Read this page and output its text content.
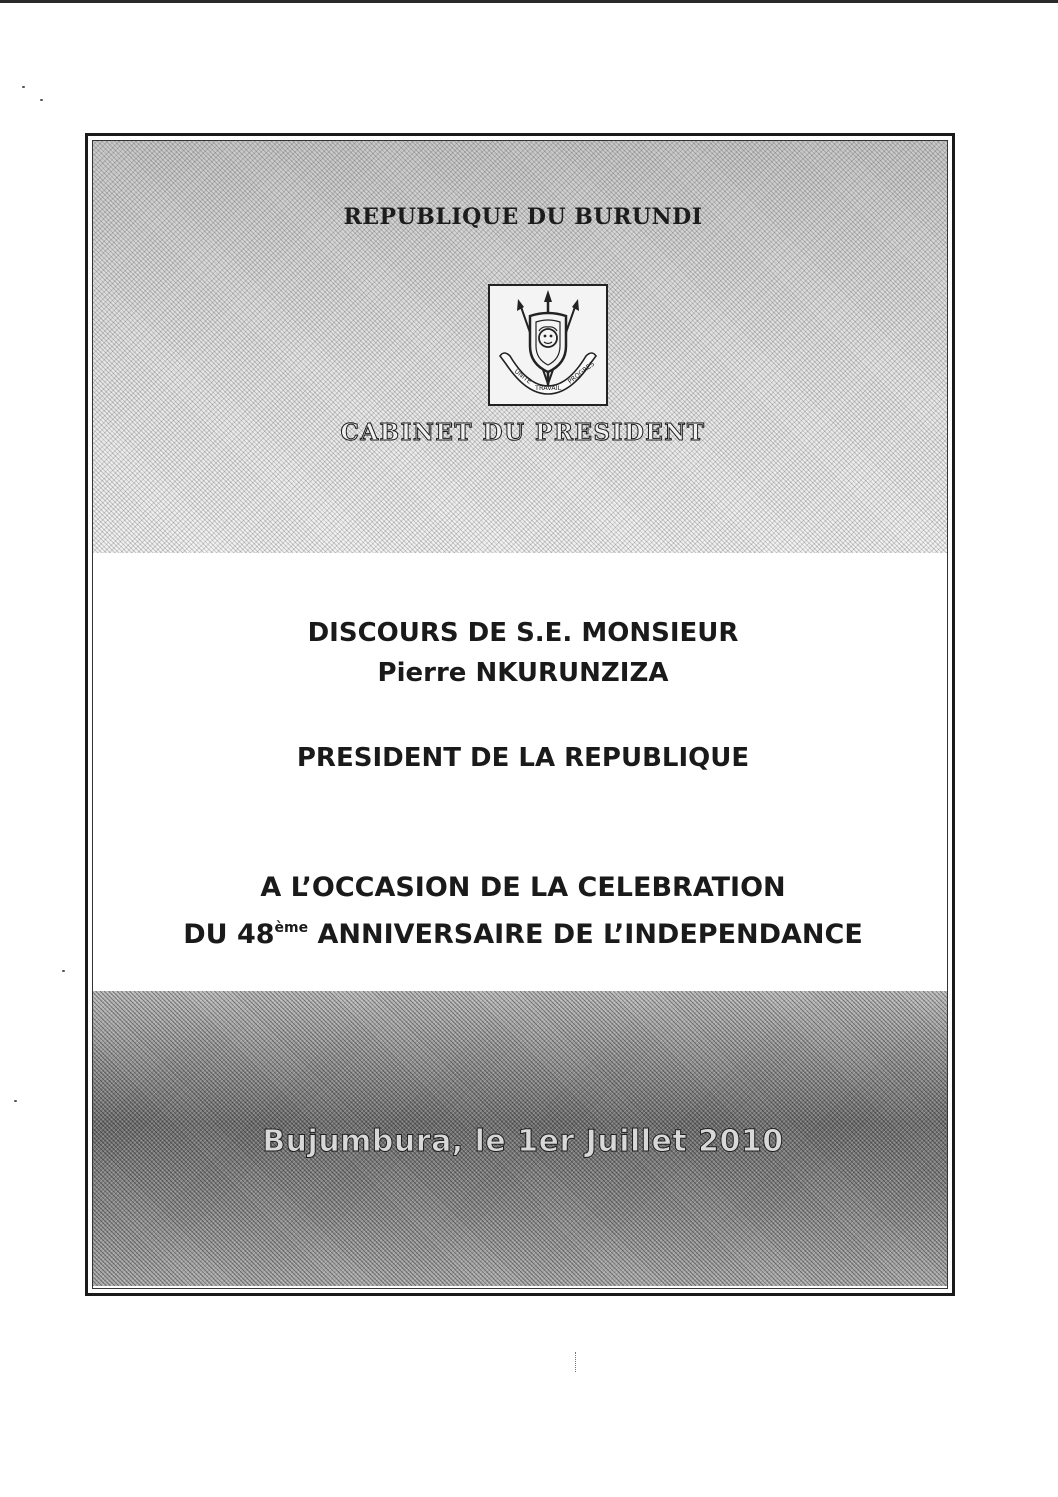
REPUBLIQUE DU BURUNDI
UNITE
TRAVAIL
PROGRES
CABINET DU PRESIDENT
DISCOURS DE S.E. MONSIEUR
Pierre NKURUNZIZA
PRESIDENT DE LA REPUBLIQUE
A L’OCCASION DE LA CELEBRATION
DU 48ème ANNIVERSAIRE DE L’INDEPENDANCE
Bujumbura, le 1er Juillet 2010
